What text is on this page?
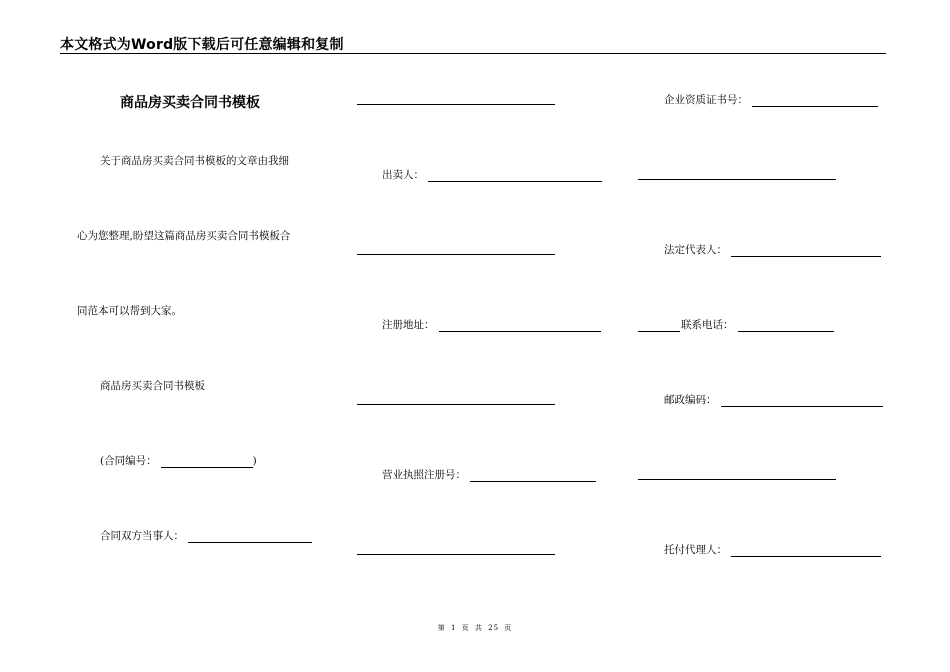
本文格式为Word版下载后可任意编辑和复制
商品房买卖合同书模板
关于商品房买卖合同书模板的文章由我细
心为您整理,盼望这篇商品房买卖合同书模板合
同范本可以帮到大家。
商品房买卖合同书模板
(合同编号：	)
合同双方当事人：
出卖人：
注册地址：
营业执照注册号：
企业资质证书号：
法定代表人：
联系电话：
邮政编码：
托付代理人：
第 1 页 共 25 页
